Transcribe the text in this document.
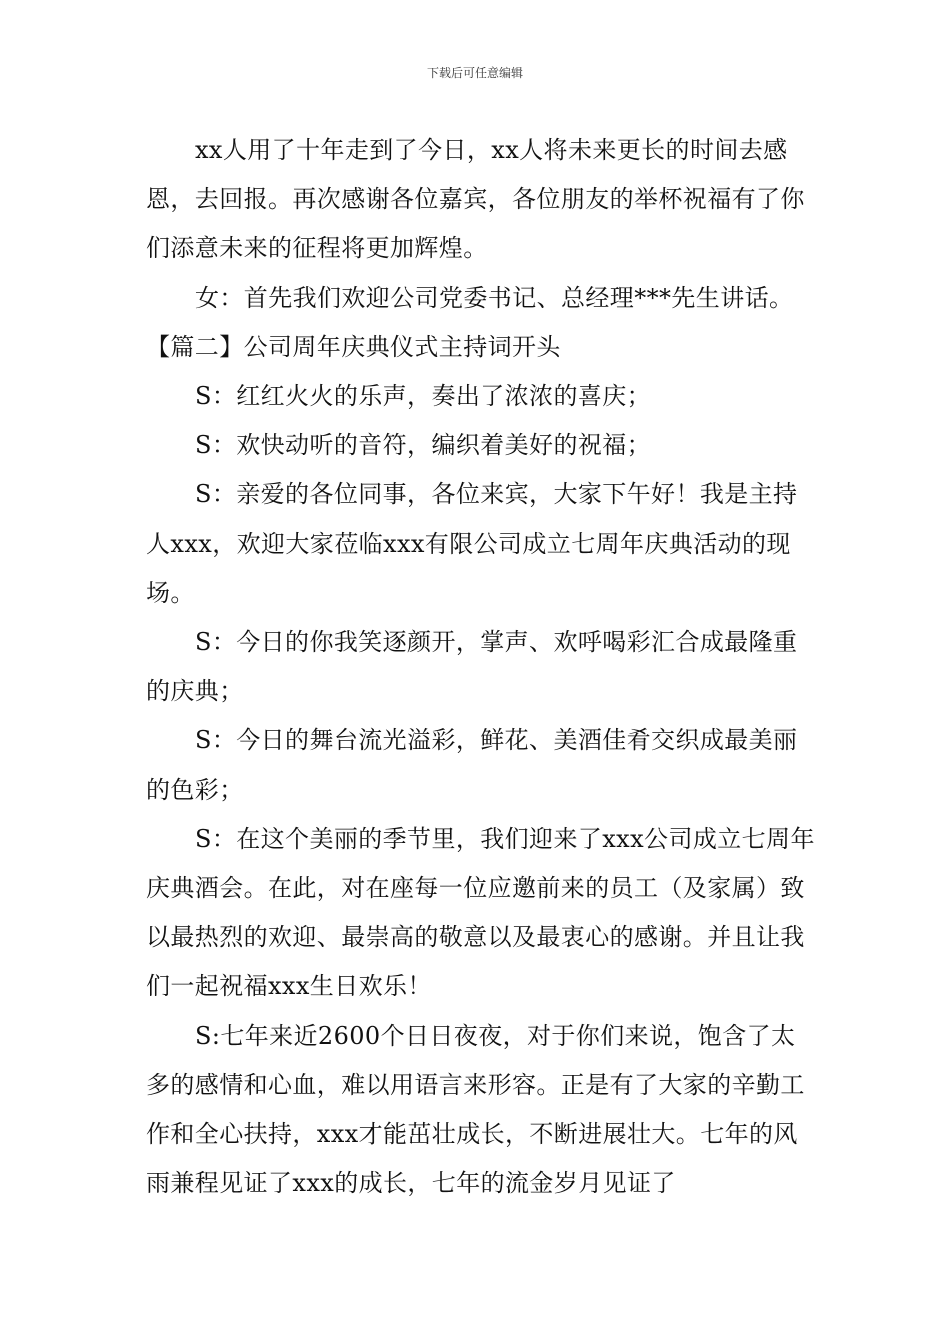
下载后可任意编辑

xx人用了十年走到了今日，xx人将未来更长的时间去感恩，去回报。再次感谢各位嘉宾，各位朋友的举杯祝福有了你们添意未来的征程将更加辉煌。

女：首先我们欢迎公司党委书记、总经理***先生讲话。

【篇二】公司周年庆典仪式主持词开头

S：红红火火的乐声，奏出了浓浓的喜庆；

S：欢快动听的音符，编织着美好的祝福；

S：亲爱的各位同事，各位来宾，大家下午好！我是主持人xxx，欢迎大家莅临xxx有限公司成立七周年庆典活动的现场。

S：今日的你我笑逐颜开，掌声、欢呼喝彩汇合成最隆重的庆典；

S：今日的舞台流光溢彩，鲜花、美酒佳肴交织成最美丽的色彩；

S：在这个美丽的季节里，我们迎来了xxx公司成立七周年庆典酒会。在此，对在座每一位应邀前来的员工（及家属）致以最热烈的欢迎、最崇高的敬意以及最衷心的感谢。并且让我们一起祝福xxx生日欢乐！

S:七年来近2600个日日夜夜，对于你们来说，饱含了太多的感情和心血，难以用语言来形容。正是有了大家的辛勤工作和全心扶持，xxx才能茁壮成长，不断进展壮大。七年的风雨兼程见证了xxx的成长，七年的流金岁月见证了
